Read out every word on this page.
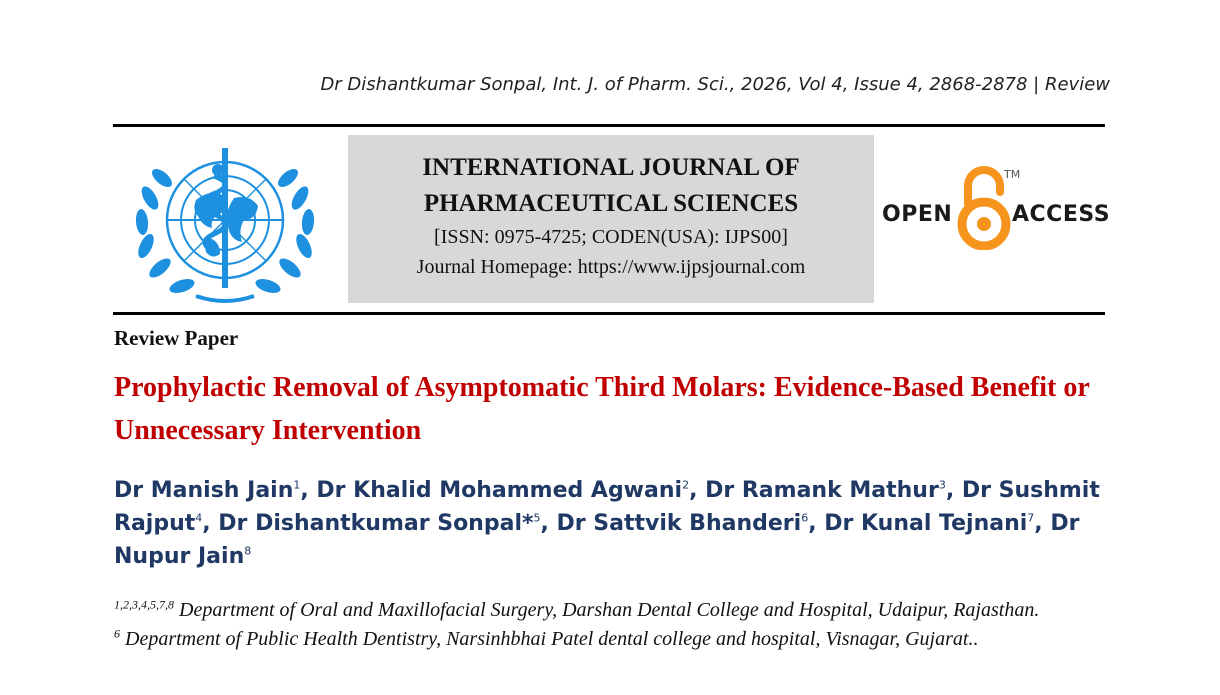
Dr Dishantkumar Sonpal, Int. J. of Pharm. Sci., 2026, Vol 4, Issue 4, 2868-2878 | Review
INTERNATIONAL JOURNAL OF
PHARMACEUTICAL SCIENCES
[ISSN: 0975-4725; CODEN(USA): IJPS00]
Journal Homepage: https://www.ijpsjournal.com
OPEN
TM
ACCESS
Review Paper
Prophylactic Removal of Asymptomatic Third Molars: Evidence-Based Benefit or Unnecessary Intervention
Dr Manish Jain$^1$, Dr Khalid Mohammed Agwani$^2$, Dr Ramank Mathur$^3$, Dr Sushmit Rajput$^4$, Dr Dishantkumar Sonpal*$^5$, Dr Sattvik Bhanderi$^6$, Dr Kunal Tejnani$^7$, Dr Nupur Jain$^8$
$^{1,2,3,4,5,7,8}$ Department of Oral and Maxillofacial Surgery, Darshan Dental College and Hospital, Udaipur, Rajasthan.
$^6$ Department of Public Health Dentistry, Narsinhbhai Patel dental college and hospital, Visnagar, Gujarat..
